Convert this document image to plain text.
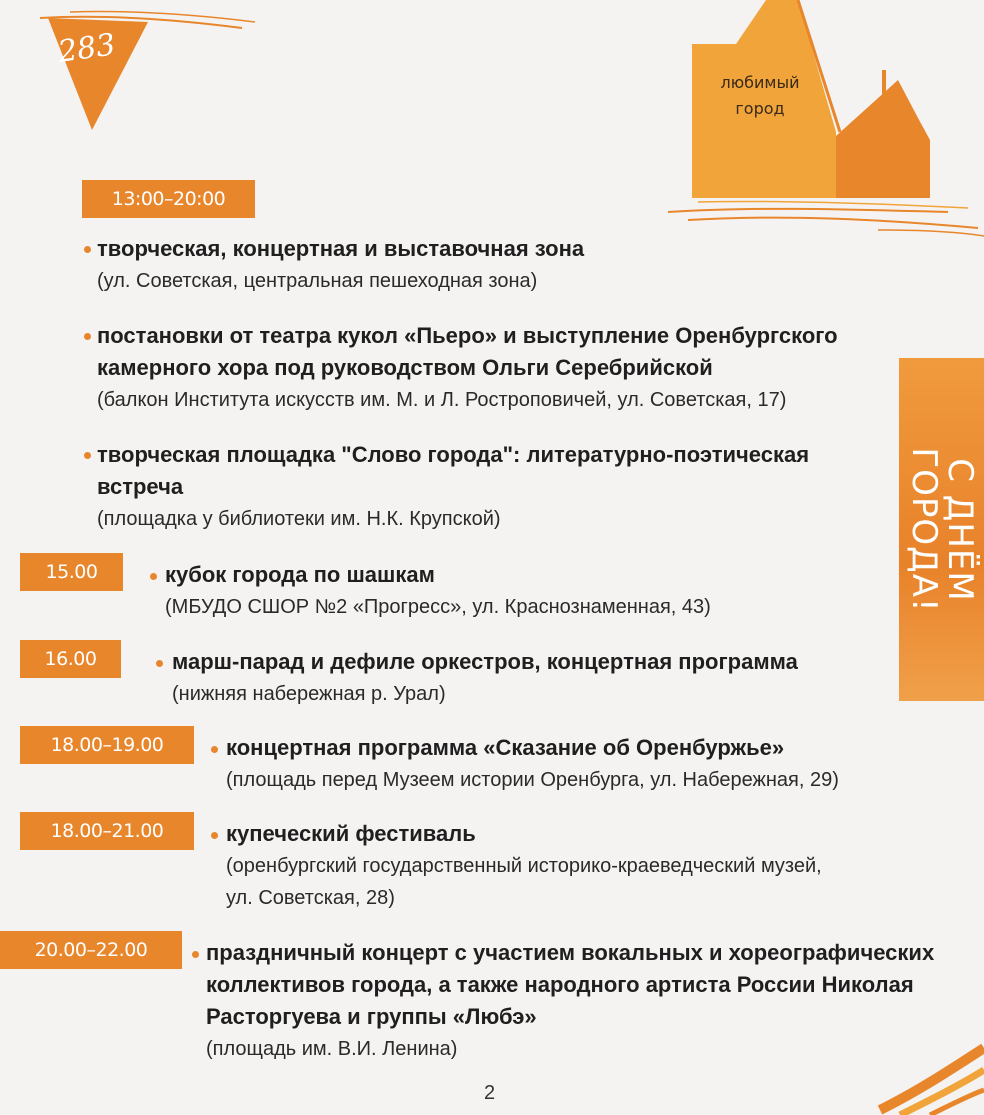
283
любимый
город
С ДНЁМ
ГОРОДА!
13:00–20:00
творческая, концертная и выставочная зона
(ул. Советская, центральная пешеходная зона)
постановки от театра кукол «Пьеро» и выступление Оренбургского
камерного хора под руководством Ольги Серебрийской
(балкон Института искусств им. М. и Л. Ростроповичей, ул. Советская, 17)
творческая площадка "Слово города": литературно-поэтическая
встреча
(площадка у библиотеки им. Н.К. Крупской)
15.00	кубок города по шашкам
(МБУДО СШОР №2 «Прогресс», ул. Краснознаменная, 43)
16.00	марш-парад и дефиле оркестров, концертная программа
(нижняя набережная р. Урал)
18.00–19.00	концертная программа «Сказание об Оренбуржье»
(площадь перед Музеем истории Оренбурга, ул. Набережная, 29)
18.00–21.00	купеческий фестиваль
(оренбургский государственный историко-краеведческий музей,
ул. Советская, 28)
20.00–22.00	праздничный концерт с участием вокальных и хореографических
коллективов города, а также народного артиста России Николая
Расторгуева и группы «Любэ»
(площадь им. В.И. Ленина)
2
